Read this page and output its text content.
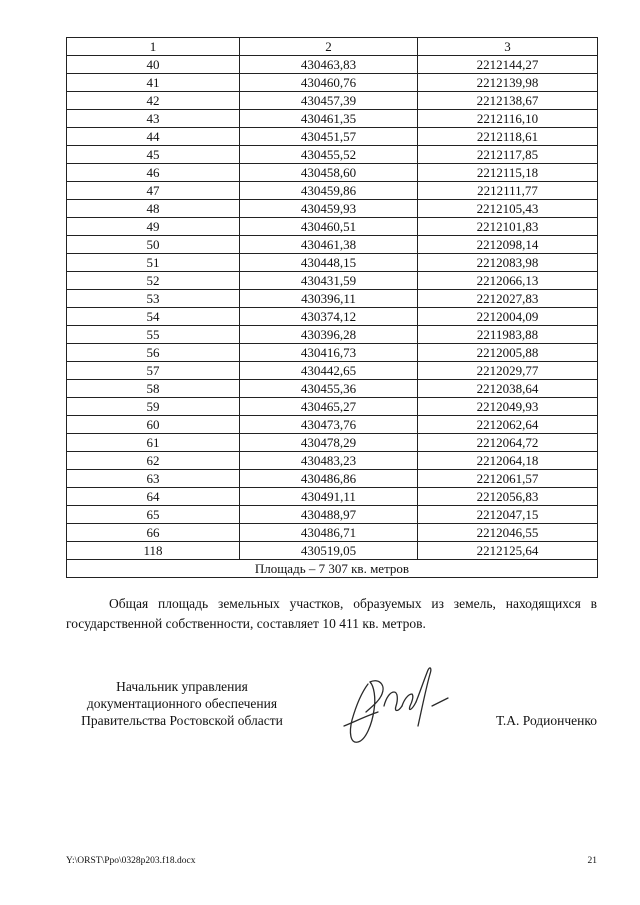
1	2	3
40	430463,83	2212144,27
41	430460,76	2212139,98
42	430457,39	2212138,67
43	430461,35	2212116,10
44	430451,57	2212118,61
45	430455,52	2212117,85
46	430458,60	2212115,18
47	430459,86	2212111,77
48	430459,93	2212105,43
49	430460,51	2212101,83
50	430461,38	2212098,14
51	430448,15	2212083,98
52	430431,59	2212066,13
53	430396,11	2212027,83
54	430374,12	2212004,09
55	430396,28	2211983,88
56	430416,73	2212005,88
57	430442,65	2212029,77
58	430455,36	2212038,64
59	430465,27	2212049,93
60	430473,76	2212062,64
61	430478,29	2212064,72
62	430483,23	2212064,18
63	430486,86	2212061,57
64	430491,11	2212056,83
65	430488,97	2212047,15
66	430486,71	2212046,55
118	430519,05	2212125,64
Площадь – 7 307 кв. метров		

Общая площадь земельных участков, образуемых из земель, находящихся в государственной собственности, составляет 10 411 кв. метров.

Начальник управления
документационного обеспечения
Правительства Ростовской области	Т.А. Родионченко
Y:\ORST\Ppo\0328p203.f18.docx	21
